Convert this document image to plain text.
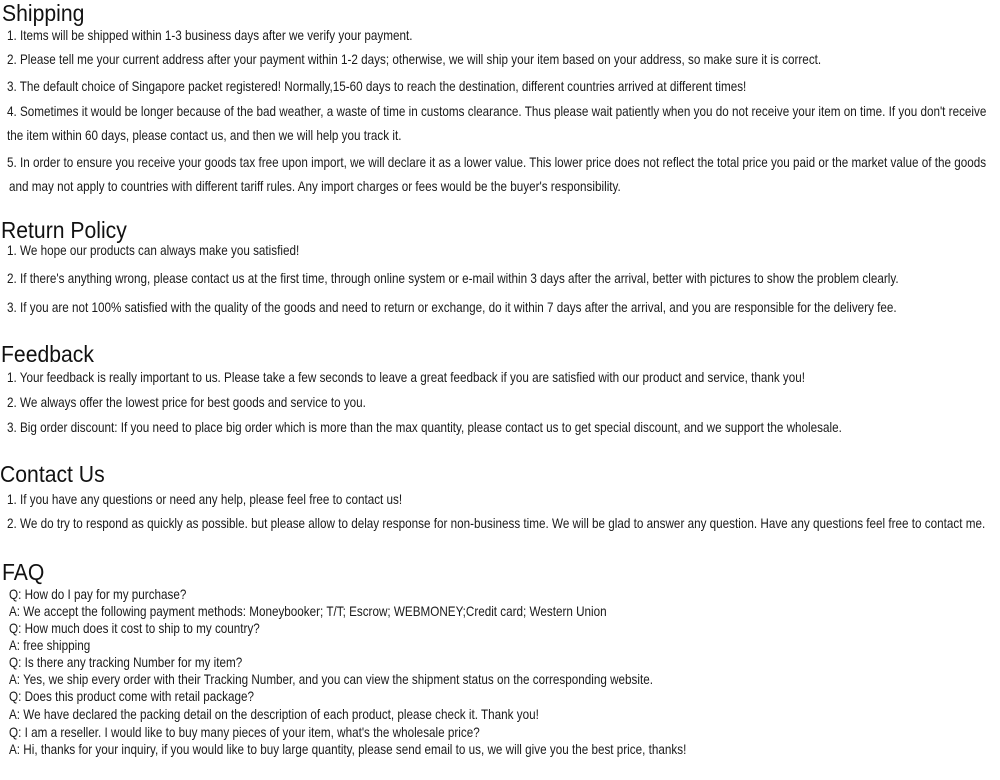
Shipping
1. Items will be shipped within 1-3 business days after we verify your payment.
2. Please tell me your current address after your payment within 1-2 days; otherwise, we will ship your item based on your address, so make sure it is correct.
3. The default choice of Singapore packet registered! Normally,15-60 days to reach the destination, different countries arrived at different times!
4. Sometimes it would be longer because of the bad weather, a waste of time in customs clearance. Thus please wait patiently when you do not receive your item on time. If you don't receive
the item within 60 days, please contact us, and then we will help you track it.
5. In order to ensure you receive your goods tax free upon import, we will declare it as a lower value. This lower price does not reflect the total price you paid or the market value of the goods
and may not apply to countries with different tariff rules. Any import charges or fees would be the buyer's responsibility.
Return Policy
1. We hope our products can always make you satisfied!
2. If there's anything wrong, please contact us at the first time, through online system or e-mail within 3 days after the arrival, better with pictures to show the problem clearly.
3. If you are not 100% satisfied with the quality of the goods and need to return or exchange, do it within 7 days after the arrival, and you are responsible for the delivery fee.
Feedback
1. Your feedback is really important to us. Please take a few seconds to leave a great feedback if you are satisfied with our product and service, thank you!
2. We always offer the lowest price for best goods and service to you.
3. Big order discount: If you need to place big order which is more than the max quantity, please contact us to get special discount, and we support the wholesale.
Contact Us
1. If you have any questions or need any help, please feel free to contact us!
2. We do try to respond as quickly as possible. but please allow to delay response for non-business time. We will be glad to answer any question. Have any questions feel free to contact me.
FAQ
Q: How do I pay for my purchase?
A: We accept the following payment methods: Moneybooker; T/T; Escrow; WEBMONEY;Credit card; Western Union
Q: How much does it cost to ship to my country?
A: free shipping
Q: Is there any tracking Number for my item?
A: Yes, we ship every order with their Tracking Number, and you can view the shipment status on the corresponding website.
Q: Does this product come with retail package?
A: We have declared the packing detail on the description of each product, please check it. Thank you!
Q: I am a reseller. I would like to buy many pieces of your item, what's the wholesale price?
A: Hi, thanks for your inquiry, if you would like to buy large quantity, please send email to us, we will give you the best price, thanks!
